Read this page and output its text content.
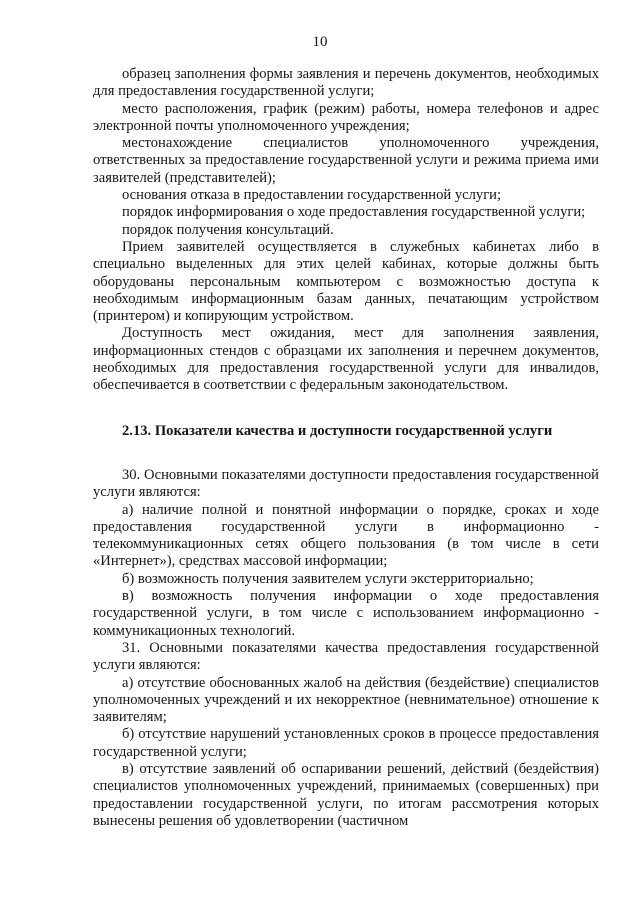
10

образец заполнения формы заявления и перечень документов, необходимых для предоставления государственной услуги;

место расположения, график (режим) работы, номера телефонов и адрес электронной почты уполномоченного учреждения;

местонахождение специалистов уполномоченного учреждения, ответственных за предоставление государственной услуги и режима приема ими заявителей (представителей);

основания отказа в предоставлении государственной услуги;

порядок информирования о ходе предоставления государственной услуги;

порядок получения консультаций.

Прием заявителей осуществляется в служебных кабинетах либо в специально выделенных для этих целей кабинах, которые должны быть оборудованы персональным компьютером с возможностью доступа к необходимым информационным базам данных, печатающим устройством (принтером) и копирующим устройством.

Доступность мест ожидания, мест для заполнения заявления, информационных стендов с образцами их заполнения и перечнем документов, необходимых для предоставления государственной услуги для инвалидов, обеспечивается в соответствии с федеральным законодательством.

2.13. Показатели качества и доступности государственной услуги

30. Основными показателями доступности предоставления государственной услуги являются:

а) наличие полной и понятной информации о порядке, сроках и ходе предоставления государственной услуги в информационно - телекоммуникационных сетях общего пользования (в том числе в сети «Интернет»), средствах массовой информации;

б) возможность получения заявителем услуги экстерриториально;

в) возможность получения информации о ходе предоставления государственной услуги, в том числе с использованием информационно - коммуникационных технологий.

31. Основными показателями качества предоставления государственной услуги являются:

а) отсутствие обоснованных жалоб на действия (бездействие) специалистов уполномоченных учреждений и их некорректное (невнимательное) отношение к заявителям;

б) отсутствие нарушений установленных сроков в процессе предоставления государственной услуги;

в) отсутствие заявлений об оспаривании решений, действий (бездействия) специалистов уполномоченных учреждений, принимаемых (совершенных) при предоставлении государственной услуги, по итогам рассмотрения которых вынесены решения об удовлетворении (частичном
